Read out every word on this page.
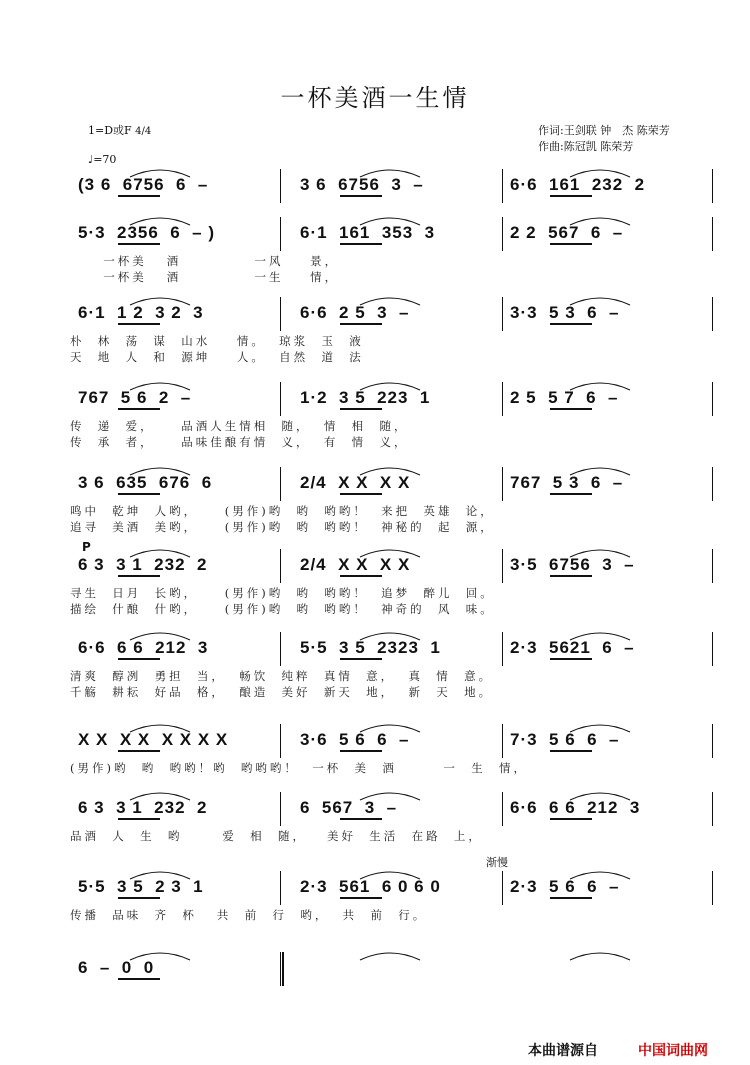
一杯美酒一生情
1=D或F 4/4
♩=70
作词:王剑联 钟　杰 陈荣芳
作曲:陈冠凯 陈荣芳
P
渐慢
(3 6  6756  6  –	3 6  6756  3  –	6·6  161  232  2
5·3  2356  6  – )	6·1  161  353  3	2 2  567  6  –
一杯美   酒           一风    景，
一杯美   酒           一生    情，
6·1  1 2  3 2  3	6·6  2 5  3  –	3·3  5 3  6  –
朴  林  荡  谋  山水    情。  琼浆  玉  液
天  地  人  和  源坤    人。  自然  道  法
767  5 6  2  –	1·2  3 5  223  1	2 5  5 7  6  –
传  递  爱，    品酒人生情相  随，  情  相  随，
传  承  者，    品味佳酿有情  义，  有  情  义，
3 6  635  676  6	2/4  X X  X X	767  5 3  6  –
鸣中  乾坤  人哟，    (男作)哟  哟  哟哟！  来把  英雄  论，
追寻  美酒  美哟，    (男作)哟  哟  哟哟！  神秘的  起  源，
6 3  3 1  232  2	2/4  X X  X X	3·5  6756  3  –
寻生  日月  长哟，    (男作)哟  哟  哟哟！  追梦  醉儿  回。
描绘  什酿  什哟，    (男作)哟  哟  哟哟！  神奇的  风  味。
6·6  6 6  212  3	5·5  3 5  2323  1	2·3  5621  6  –
清爽  醇冽  勇担  当，  畅饮  纯粹  真情  意，  真  情  意。
千觞  耕耘  好品  格，  酿造  美好  新天  地，  新  天  地。
X X  X X  X X X X	3·6  5 6  6  –	7·3  5 6  6  –
(男作)哟  哟  哟哟！哟  哟哟哟！  一杯  美  酒       一  生  情，
6 3  3 1  232  2	6  567  3  –	6·6  6 6  212  3
品酒  人  生  哟      爱  相  随，   美好  生活  在路  上，
5·5  3 5  2 3  1	2·3  561  6 0 6 0	2·3  5 6  6  –
传播  品味  齐  杯   共  前  行  哟，  共  前  行。
6  –  0  0
本曲谱源自	中国词曲网
